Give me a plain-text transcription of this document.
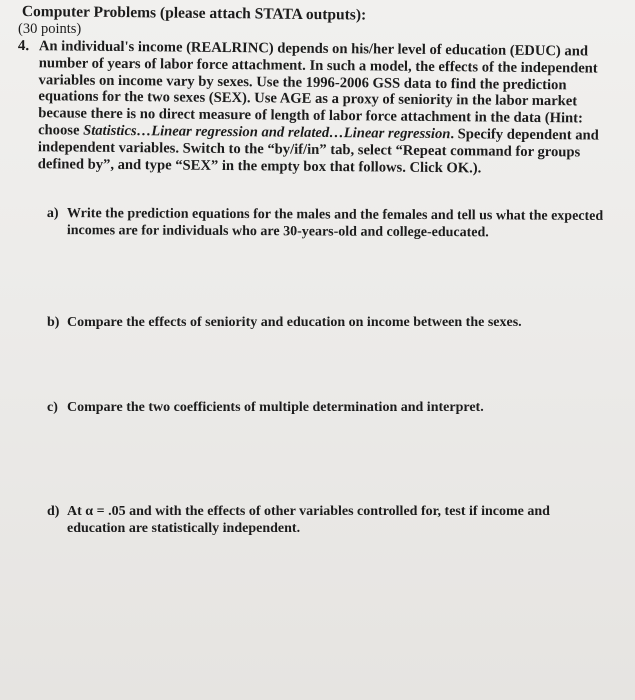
Computer Problems (please attach STATA outputs):
(30 points)
4. An individual's income (REALRINC) depends on his/her level of education (EDUC) and number of years of labor force attachment. In such a model, the effects of the independent variables on income vary by sexes. Use the 1996-2006 GSS data to find the prediction equations for the two sexes (SEX). Use AGE as a proxy of seniority in the labor market because there is no direct measure of length of labor force attachment in the data (Hint: choose Statistics…Linear regression and related…Linear regression. Specify dependent and independent variables. Switch to the “by/if/in” tab, select “Repeat command for groups defined by”, and type “SEX” in the empty box that follows. Click OK.).
a) Write the prediction equations for the males and the females and tell us what the expected incomes are for individuals who are 30-years-old and college-educated.
b) Compare the effects of seniority and education on income between the sexes.
c) Compare the two coefficients of multiple determination and interpret.
d) At α = .05 and with the effects of other variables controlled for, test if income and education are statistically independent.
